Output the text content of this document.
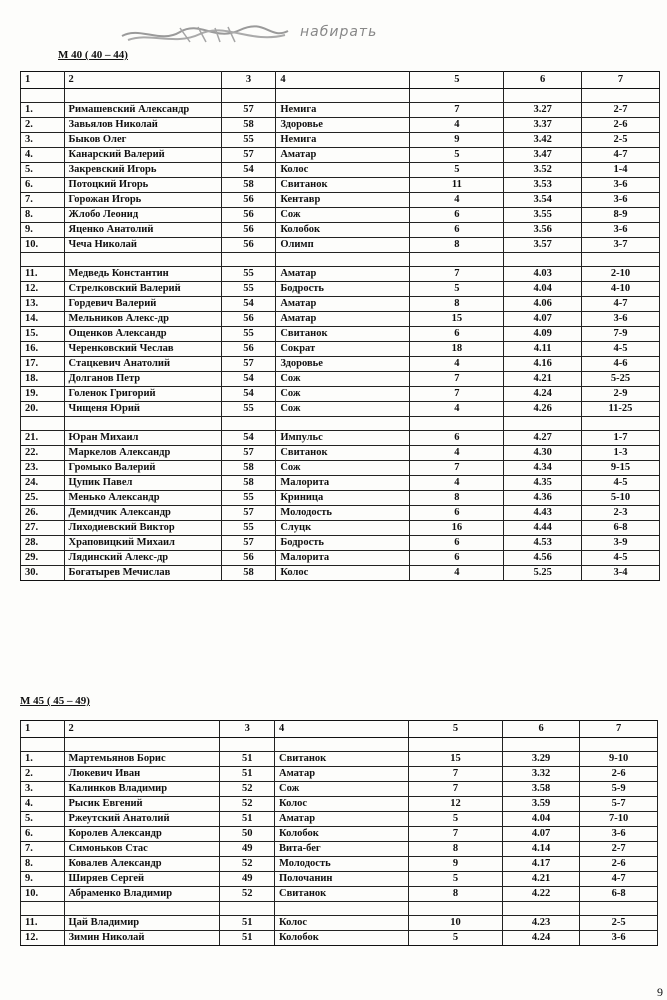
набирать
М 40 ( 40 – 44)
1	2	3	4	5	6	7

1.	Римашевский Александр	57	Немига	7	3.27	2-7
2.	Завьялов Николай	58	Здоровье	4	3.37	2-6
3.	Быков Олег	55	Немига	9	3.42	2-5
4.	Канарский Валерий	57	Аматар	5	3.47	4-7
5.	Закревский Игорь	54	Колос	5	3.52	1-4
6.	Потоцкий Игорь	58	Свитанок	11	3.53	3-6
7.	Горожан Игорь	56	Кентавр	4	3.54	3-6
8.	Жлобо Леонид	56	Сож	6	3.55	8-9
9.	Яценко Анатолий	56	Колобок	6	3.56	3-6
10.	Чеча Николай	56	Олимп	8	3.57	3-7

11.	Медведь Константин	55	Аматар	7	4.03	2-10
12.	Стрелковский Валерий	55	Бодрость	5	4.04	4-10
13.	Гордевич Валерий	54	Аматар	8	4.06	4-7
14.	Мельников Алекс-др	56	Аматар	15	4.07	3-6
15.	Ощенков Александр	55	Свитанок	6	4.09	7-9
16.	Черенковский Чеслав	56	Сократ	18	4.11	4-5
17.	Стацкевич Анатолий	57	Здоровье	4	4.16	4-6
18.	Долганов Петр	54	Сож	7	4.21	5-25
19.	Голенок Григорий	54	Сож	7	4.24	2-9
20.	Чищеня Юрий	55	Сож	4	4.26	11-25

21.	Юран Михаил	54	Импульс	6	4.27	1-7
22.	Маркелов Александр	57	Свитанок	4	4.30	1-3
23.	Громыко Валерий	58	Сож	7	4.34	9-15
24.	Цупик Павел	58	Малорита	4	4.35	4-5
25.	Менько Александр	55	Криница	8	4.36	5-10
26.	Демидчик Александр	57	Молодость	6	4.43	2-3
27.	Лиходиевский Виктор	55	Слуцк	16	4.44	6-8
28.	Храповицкий Михаил	57	Бодрость	6	4.53	3-9
29.	Лядинский Алекс-др	56	Малорита	6	4.56	4-5
30.	Богатырев Мечислав	58	Колос	4	5.25	3-4
М 45 ( 45 – 49)
1	2	3	4	5	6	7

1.	Мартемьянов Борис	51	Свитанок	15	3.29	9-10
2.	Люкевич Иван	51	Аматар	7	3.32	2-6
3.	Калинков Владимир	52	Сож	7	3.58	5-9
4.	Рысик Евгений	52	Колос	12	3.59	5-7
5.	Ржеутский Анатолий	51	Аматар	5	4.04	7-10
6.	Королев Александр	50	Колобок	7	4.07	3-6
7.	Симоньков Стас	49	Вита-бег	8	4.14	2-7
8.	Ковалев Александр	52	Молодость	9	4.17	2-6
9.	Ширяев Сергей	49	Полочанин	5	4.21	4-7
10.	Абраменко Владимир	52	Свитанок	8	4.22	6-8

11.	Цай Владимир	51	Колос	10	4.23	2-5
12.	Зимин Николай	51	Колобок	5	4.24	3-6
9
